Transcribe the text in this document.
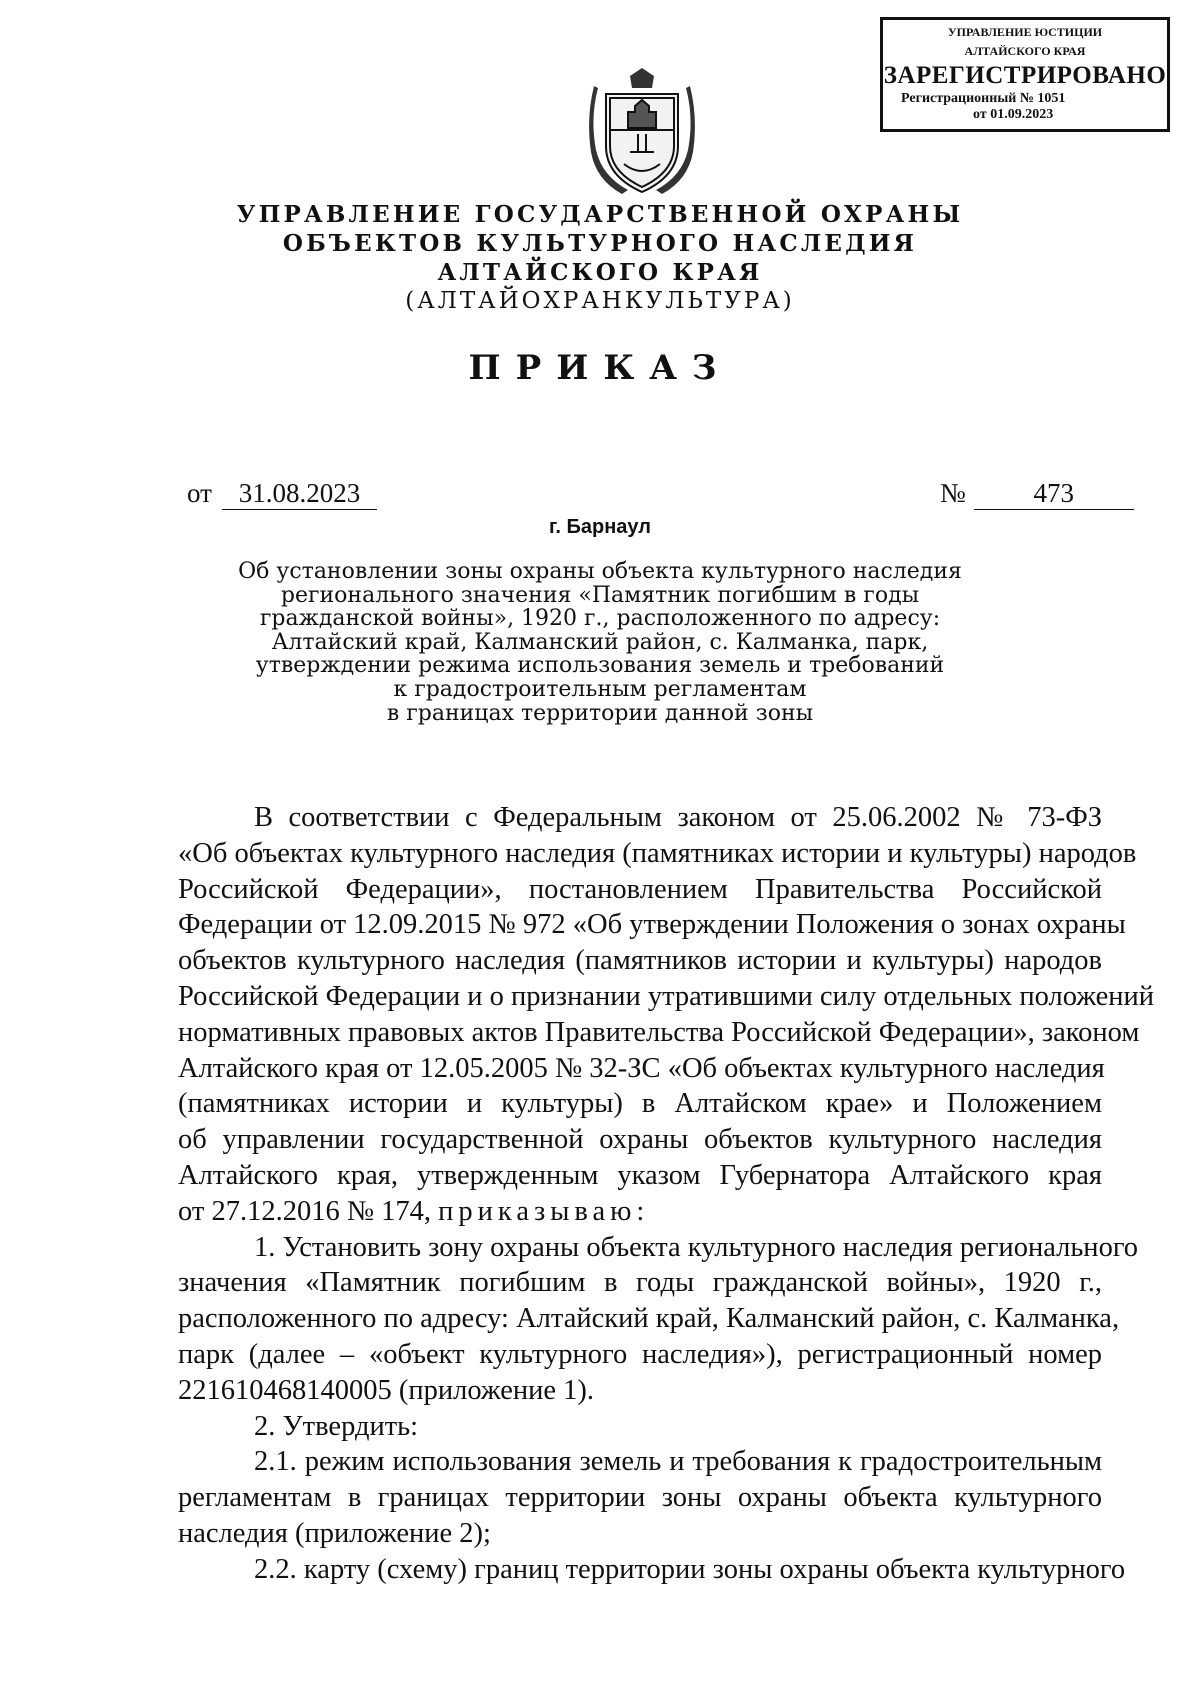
УПРАВЛЕНИЕ ЮСТИЦИИ
АЛТАЙСКОГО КРАЯ
ЗАРЕГИСТРИРОВАНО
Регистрационный № 1051
от 01.09.2023
УПРАВЛЕНИЕ ГОСУДАРСТВЕННОЙ ОХРАНЫ
ОБЪЕКТОВ КУЛЬТУРНОГО НАСЛЕДИЯ
АЛТАЙСКОГО КРАЯ
(АЛТАЙОХРАНКУЛЬТУРА)
ПРИКАЗ
от 31.08.2023	№	473
г. Барнаул
Об установлении зоны охраны объекта культурного наследия
регионального значения «Памятник погибшим в годы
гражданской войны», 1920 г., расположенного по адресу:
Алтайский край, Калманский район, с. Калманка, парк,
утверждении режима использования земель и требований
к градостроительным регламентам
в границах территории данной зоны
В соответствии с Федеральным законом от 25.06.2002 № 73-ФЗ
«Об объектах культурного наследия (памятниках истории и культуры) народов
Российской Федерации», постановлением Правительства Российской
Федерации от 12.09.2015 № 972 «Об утверждении Положения о зонах охраны
объектов культурного наследия (памятников истории и культуры) народов
Российской Федерации и о признании утратившими силу отдельных положений
нормативных правовых актов Правительства Российской Федерации», законом
Алтайского края от 12.05.2005 № 32-ЗС «Об объектах культурного наследия
(памятниках истории и культуры) в Алтайском крае» и Положением
об управлении государственной охраны объектов культурного наследия
Алтайского края, утвержденным указом Губернатора Алтайского края
от 27.12.2016 № 174, приказываю:
1. Установить зону охраны объекта культурного наследия регионального
значения «Памятник погибшим в годы гражданской войны», 1920 г.,
расположенного по адресу: Алтайский край, Калманский район, с. Калманка,
парк (далее – «объект культурного наследия»), регистрационный номер
221610468140005 (приложение 1).
2. Утвердить:
2.1. режим использования земель и требования к градостроительным
регламентам в границах территории зоны охраны объекта культурного
наследия (приложение 2);
2.2. карту (схему) границ территории зоны охраны объекта культурного
